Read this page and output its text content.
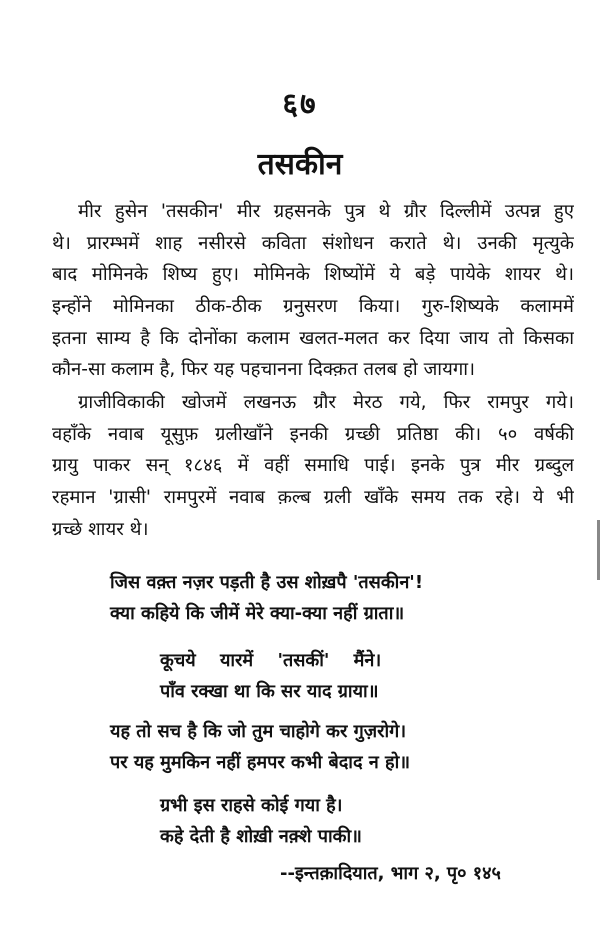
६७
तसकीन
मीर हुसेन 'तसकीन' मीर ग्रहसनके पुत्र थे ग्रौर दिल्लीमें उत्पन्न हुए
थे। प्रारम्भमें शाह नसीरसे कविता संशोधन कराते थे। उनकी मृत्युके
बाद मोमिनके शिष्य हुए। मोमिनके शिष्योंमें ये बड़े पायेके शायर थे।
इन्होंने मोमिनका ठीक-ठीक ग्रनुसरण किया। गुरु-शिष्यके कलाममें
इतना साम्य है कि दोनोंका कलाम खलत-मलत कर दिया जाय तो किसका
कौन-सा कलाम है, फिर यह पहचानना दिक्क़त तलब हो जायगा।
ग्राजीविकाकी खोजमें लखनऊ ग्रौर मेरठ गये, फिर रामपुर गये।
वहाँके नवाब यूसुफ़ ग्रलीखाँने इनकी ग्रच्छी प्रतिष्ठा की। ५० वर्षकी
ग्रायु पाकर सन् १८४६ में वहीं समाधि पाई। इनके पुत्र मीर ग्रब्दुल
रहमान 'ग्रासी' रामपुरमें नवाब क़ल्ब ग्रली खाँके समय तक रहे। ये भी
ग्रच्छे शायर थे।
जिस वक़्त नज़र पड़ती है उस शोख़पै 'तसकीन'!
क्या कहिये कि जीमें मेरे क्या-क्या नहीं ग्राता॥
कूचये यारमें 'तसकीं' मैंने।
पाँव रक्खा था कि सर याद ग्राया॥
यह तो सच है कि जो तुम चाहोगे कर गुज़रोगे।
पर यह मुमकिन नहीं हमपर कभी बेदाद न हो॥
ग्रभी इस राहसे कोई गया है।
कहे देती है शोख़ी नक़्शे पाकी॥
--इन्तक़ादियात, भाग २, पृ० १४५
